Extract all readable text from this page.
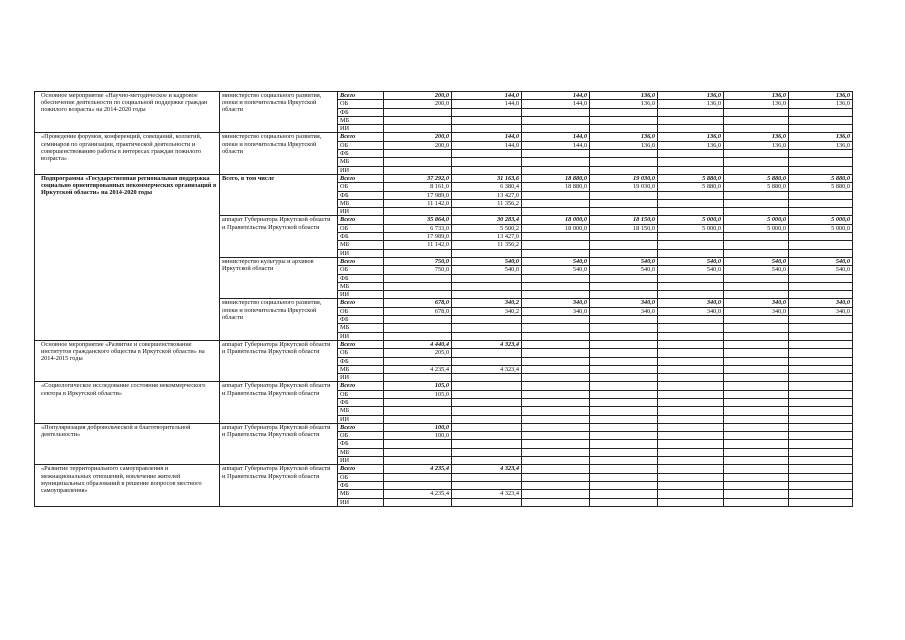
Основное мероприятие «Научно-методическое и кадровое обеспечение деятельности по социальной поддержке граждан пожилого возраста» на 2014-2020 годы	министерство социального развития, опеки и попечительства Иркутской области	Всего	200,0	144,0	144,0	136,0	136,0	136,0	136,0
		ОБ	200,0	144,0	144,0	136,0	136,0	136,0	136,0
		ФБ							
		МБ							
		ИИ							
«Проведение форумов, конференций, совещаний, коллегий, семинаров по организации, практической деятельности и совершенствованию работы в интересах граждан пожилого возраста»	министерство социального развития, опеки и попечительства Иркутской области	Всего	200,0	144,0	144,0	136,0	136,0	136,0	136,0
		ОБ	200,0	144,0	144,0	136,0	136,0	136,0	136,0
		ФБ							
		МБ							
		ИИ							
Подпрограмма «Государственная региональная поддержка социально ориентированных некоммерческих организаций в Иркутской области» на 2014-2020 годы	Всего, в том числе	Всего	37 292,0	31 163,6	18 880,0	19 030,0	5 880,0	5 880,0	5 880,0
		ОБ	8 161,0	6 380,4	18 880,0	19 030,0	5 880,0	5 880,0	5 880,0
		ФБ	17 989,0	13 427,0					
		МБ	11 142,0	11 356,2					
		ИИ							
	аппарат Губернатора Иркутской области и Правительства Иркутской области	Всего	35 864,0	30 283,4	18 000,0	18 150,0	5 000,0	5 000,0	5 000,0
		ОБ	6 733,0	5 500,2	18 000,0	18 150,0	5 000,0	5 000,0	5 000,0
		ФБ	17 989,0	13 427,0					
		МБ	11 142,0	11 356,2					
		ИИ							
	министерство культуры и архивов Иркутской области	Всего	750,0	540,0	540,0	540,0	540,0	540,0	540,0
		ОБ	750,0	540,0	540,0	540,0	540,0	540,0	540,0
		ФБ							
		МБ							
		ИИ							
	министерство социального развития, опеки и попечительства Иркутской области	Всего	678,0	340,2	340,0	340,0	340,0	340,0	340,0
		ОБ	678,0	340,2	340,0	340,0	340,0	340,0	340,0
		ФБ							
		МБ							
		ИИ							
Основное мероприятие «Развитие и совершенствование институтов гражданского общества в Иркутской области» на 2014-2015 годы	аппарат Губернатора Иркутской области и Правительства Иркутской области	Всего	4 440,4	4 323,4					
		ОБ	205,0						
		ФБ							
		МБ	4 235,4	4 323,4					
		ИИ							
«Социологическое исследование состояния некоммерческого сектора в Иркутской области»	аппарат Губернатора Иркутской области и Правительства Иркутской области	Всего	105,0						
		ОБ	105,0						
		ФБ							
		МБ							
		ИИ							
«Популяризация добровольческой и благотворительной деятельности»	аппарат Губернатора Иркутской области и Правительства Иркутской области	Всего	100,0						
		ОБ	100,0						
		ФБ							
		МБ							
		ИИ							
«Развитие территориального самоуправления и межнациональных отношений, вовлечение жителей муниципальных образований в решение вопросов местного самоуправления»	аппарат Губернатора Иркутской области и Правительства Иркутской области	Всего	4 235,4	4 323,4					
		ОБ							
		ФБ							
		МБ	4 235,4	4 323,4					
		ИИ							
